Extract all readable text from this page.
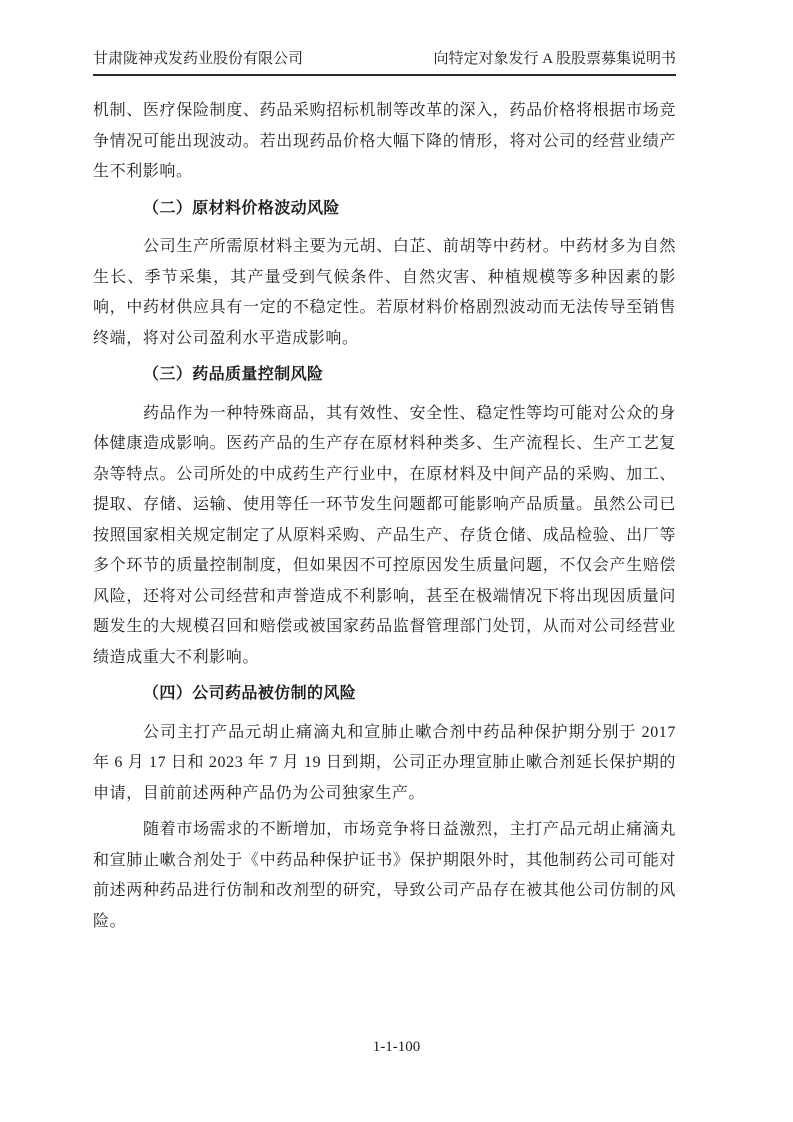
甘肃陇神戎发药业股份有限公司	向特定对象发行 A 股股票募集说明书

机制、医疗保险制度、药品采购招标机制等改革的深入，药品价格将根据市场竞争情况可能出现波动。若出现药品价格大幅下降的情形，将对公司的经营业绩产生不利影响。

（二）原材料价格波动风险

公司生产所需原材料主要为元胡、白芷、前胡等中药材。中药材多为自然生长、季节采集，其产量受到气候条件、自然灾害、种植规模等多种因素的影响，中药材供应具有一定的不稳定性。若原材料价格剧烈波动而无法传导至销售终端，将对公司盈利水平造成影响。

（三）药品质量控制风险

药品作为一种特殊商品，其有效性、安全性、稳定性等均可能对公众的身体健康造成影响。医药产品的生产存在原材料种类多、生产流程长、生产工艺复杂等特点。公司所处的中成药生产行业中，在原材料及中间产品的采购、加工、提取、存储、运输、使用等任一环节发生问题都可能影响产品质量。虽然公司已按照国家相关规定制定了从原料采购、产品生产、存货仓储、成品检验、出厂等多个环节的质量控制制度，但如果因不可控原因发生质量问题，不仅会产生赔偿风险，还将对公司经营和声誉造成不利影响，甚至在极端情况下将出现因质量问题发生的大规模召回和赔偿或被国家药品监督管理部门处罚，从而对公司经营业绩造成重大不利影响。

（四）公司药品被仿制的风险

公司主打产品元胡止痛滴丸和宣肺止嗽合剂中药品种保护期分别于 2017 年 6 月 17 日和 2023 年 7 月 19 日到期，公司正办理宣肺止嗽合剂延长保护期的申请，目前前述两种产品仍为公司独家生产。

随着市场需求的不断增加，市场竞争将日益激烈，主打产品元胡止痛滴丸和宣肺止嗽合剂处于《中药品种保护证书》保护期限外时，其他制药公司可能对前述两种药品进行仿制和改剂型的研究，导致公司产品存在被其他公司仿制的风险。

1-1-100
